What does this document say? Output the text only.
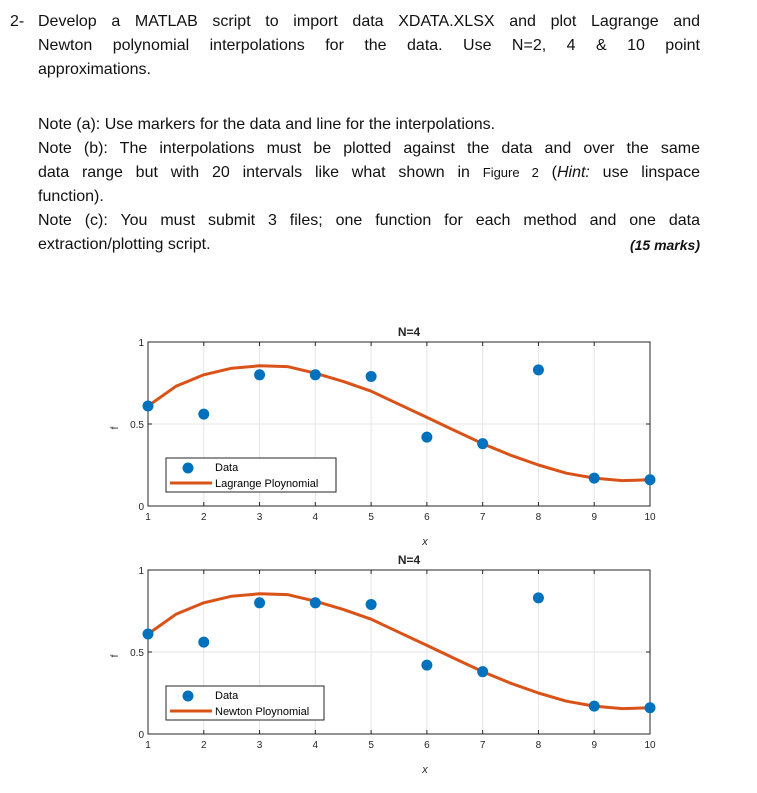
2- Develop a MATLAB script to import data XDATA.XLSX and plot Lagrange and
Newton polynomial interpolations for the data. Use N=2, 4 & 10 point
approximations.
Note (a): Use markers for the data and line for the interpolations.
Note (b): The interpolations must be plotted against the data and over the same
data range but with 20 intervals like what shown in Figure 2 (Hint: use linspace
function).
Note (c): You must submit 3 files; one function for each method and one data
extraction/plotting script.	(15 marks)
1	2	3	4	5	6	7	8	9	10
0
0.5
1
N=4
x
f
Data
Lagrange Ploynomial
1	2	3	4	5	6	7	8	9	10
0
0.5
1
N=4
x
f
Data
Newton Ploynomial
